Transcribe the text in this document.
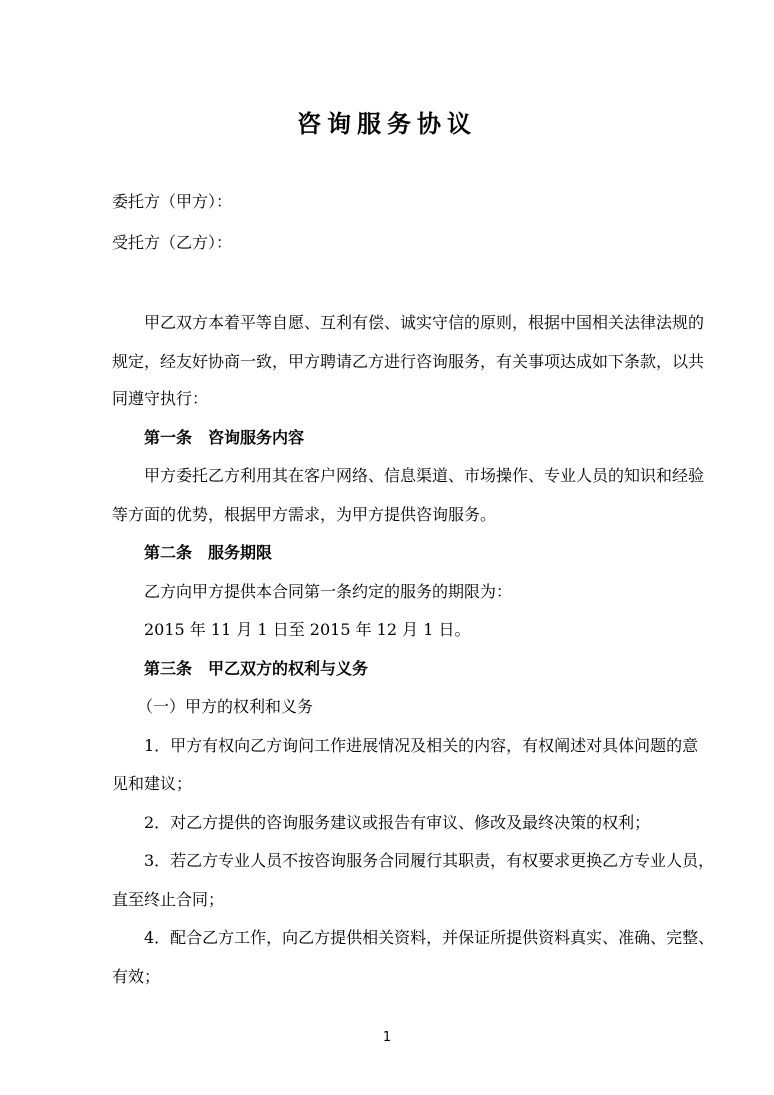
咨询服务协议
委托方（甲方）：
受托方（乙方）：
甲乙双方本着平等自愿、互利有偿、诚实守信的原则，根据中国相关法律法规的
规定，经友好协商一致，甲方聘请乙方进行咨询服务，有关事项达成如下条款，以共
同遵守执行：
第一条　咨询服务内容
甲方委托乙方利用其在客户网络、信息渠道、市场操作、专业人员的知识和经验
等方面的优势，根据甲方需求，为甲方提供咨询服务。
第二条　服务期限
乙方向甲方提供本合同第一条约定的服务的期限为：
2015 年 11 月 1 日至 2015 年 12 月 1 日。
第三条　甲乙双方的权利与义务
（一）甲方的权利和义务
1．甲方有权向乙方询问工作进展情况及相关的内容，有权阐述对具体问题的意
见和建议；
2．对乙方提供的咨询服务建议或报告有审议、修改及最终决策的权利；
3．若乙方专业人员不按咨询服务合同履行其职责，有权要求更换乙方专业人员，
直至终止合同；
4．配合乙方工作，向乙方提供相关资料，并保证所提供资料真实、准确、完整、
有效；
1
